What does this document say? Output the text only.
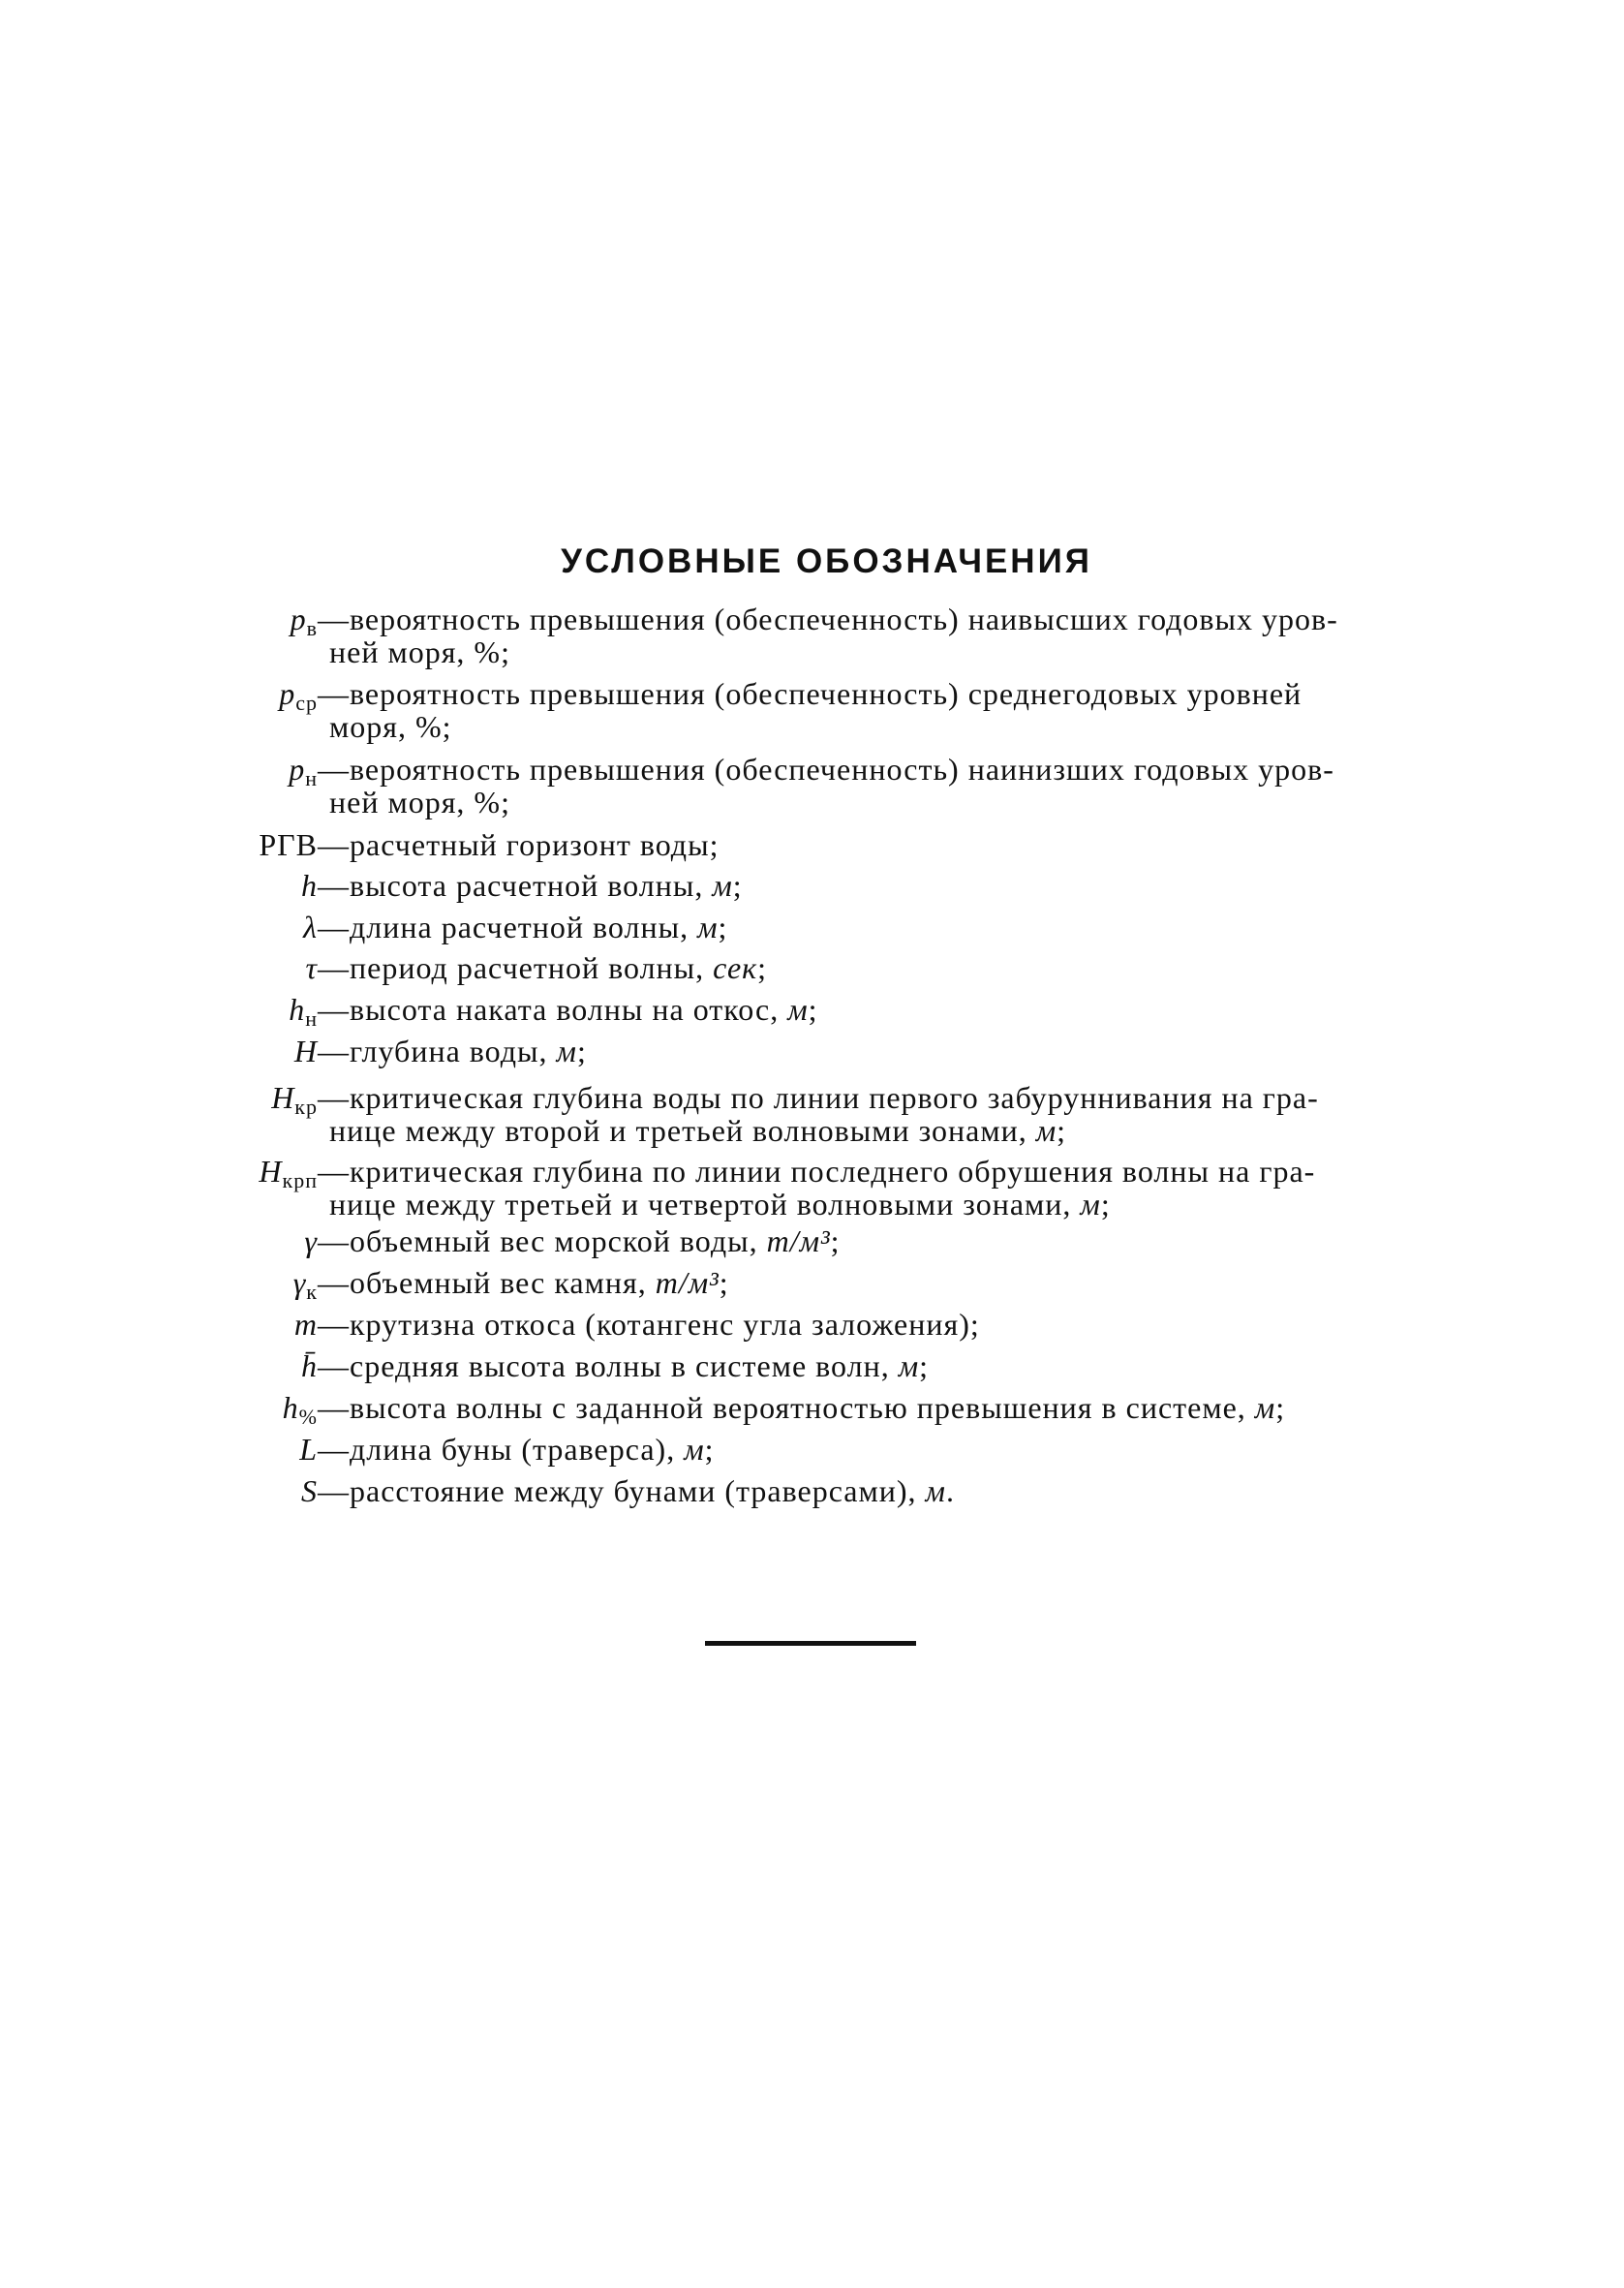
УСЛОВНЫЕ ОБОЗНАЧЕНИЯ
$p_в$ —вероятность превышения (обеспеченность) наивысших годовых уров-
ней моря, %;
$p_{ср}$ —вероятность превышения (обеспеченность) среднегодовых уровней
моря, %;
$p_н$ —вероятность превышения (обеспеченность) наинизших годовых уров-
ней моря, %;
РГВ —расчетный горизонт воды;
h —высота расчетной волны, м;
λ —длина расчетной волны, м;
τ —период расчетной волны, сек;
$h_н$ —высота наката волны на откос, м;
H —глубина воды, м;
$H_{кр}$ —критическая глубина воды по линии первого забуруннивания на гра-
нице между второй и третьей волновыми зонами, м;
$H_{крп}$ —критическая глубина по линии последнего обрушения волны на гра-
нице между третьей и четвертой волновыми зонами, м;
γ —объемный вес морской воды, т/м³;
$\gamma_к$ —объемный вес камня, т/м³;
m —крутизна откоса (котангенс угла заложения);
h̄ —средняя высота волны в системе волн, м;
$h_{\%}$ —высота волны с заданной вероятностью превышения в системе, м;
L —длина буны (траверса), м;
S —расстояние между бунами (траверсами), м.
